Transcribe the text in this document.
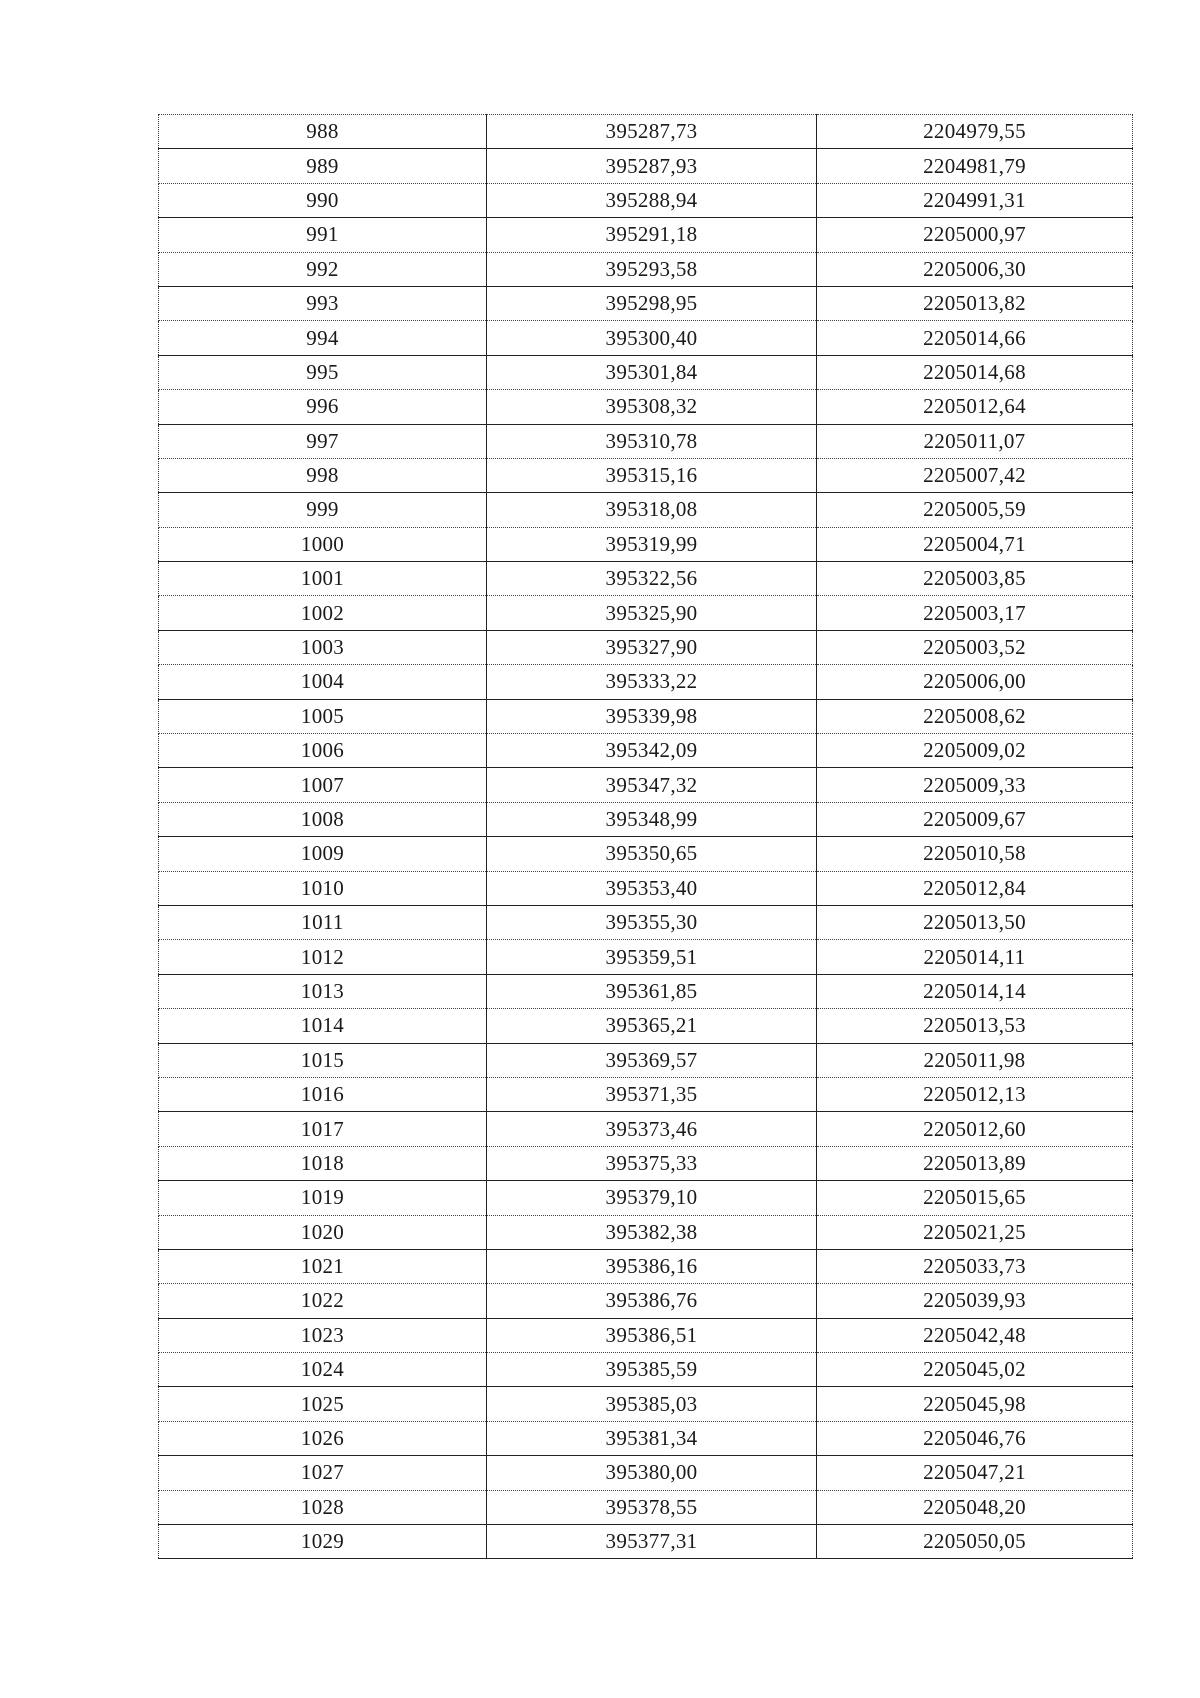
988	395287,73	2204979,55
989	395287,93	2204981,79
990	395288,94	2204991,31
991	395291,18	2205000,97
992	395293,58	2205006,30
993	395298,95	2205013,82
994	395300,40	2205014,66
995	395301,84	2205014,68
996	395308,32	2205012,64
997	395310,78	2205011,07
998	395315,16	2205007,42
999	395318,08	2205005,59
1000	395319,99	2205004,71
1001	395322,56	2205003,85
1002	395325,90	2205003,17
1003	395327,90	2205003,52
1004	395333,22	2205006,00
1005	395339,98	2205008,62
1006	395342,09	2205009,02
1007	395347,32	2205009,33
1008	395348,99	2205009,67
1009	395350,65	2205010,58
1010	395353,40	2205012,84
1011	395355,30	2205013,50
1012	395359,51	2205014,11
1013	395361,85	2205014,14
1014	395365,21	2205013,53
1015	395369,57	2205011,98
1016	395371,35	2205012,13
1017	395373,46	2205012,60
1018	395375,33	2205013,89
1019	395379,10	2205015,65
1020	395382,38	2205021,25
1021	395386,16	2205033,73
1022	395386,76	2205039,93
1023	395386,51	2205042,48
1024	395385,59	2205045,02
1025	395385,03	2205045,98
1026	395381,34	2205046,76
1027	395380,00	2205047,21
1028	395378,55	2205048,20
1029	395377,31	2205050,05
